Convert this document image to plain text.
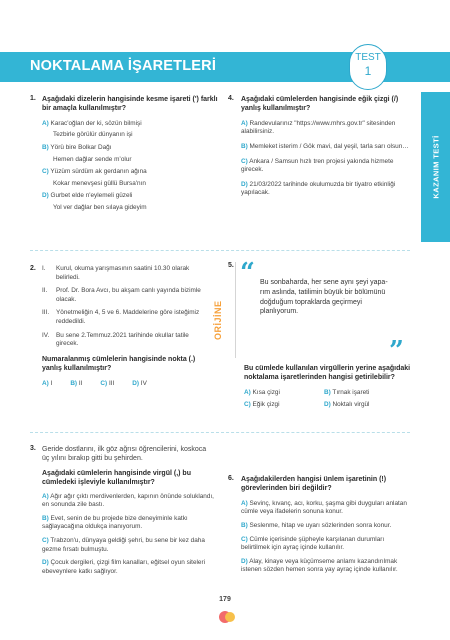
NOKTALAMA İŞARETLERİ
TEST
1
KAZANIM TESTİ
1. Aşağıdaki dizelerin hangisinde kesme işareti (') farklı bir amaçla kullanılmıştır?
A) Karac'oğlan der ki, sözün bilmişi
Tezbirle görülür dünyanın işi
B) Yörü bire Bolkar Dağı
Hemen dağlar sende mʼolur
C) Yüzüm sürdüm ak gerdanın ağına
Kokar menevşesi güllü Bursa'nın
D) Gurbet elde n'eylemeli güzeli
Yol ver dağlar ben sılaya gideyim
4. Aşağıdaki cümlelerden hangisinde eğik çizgi (/) yanlış kullanılmıştır?
A) Randevularınız "https://www.mhrs.gov.tr" sitesinden alabilirsiniz.
B) Memleket isterim / Gök mavi, dal yeşil, tarla sarı olsun…
C) Ankara / Samsun hızlı tren projesi yakında hizmete girecek.
D) 21/03/2022 tarihinde okulumuzda bir tiyatro etkinliği yapılacak.
2. I.	Kurul, okuma yarışmasının saatini 10.30 olarak belirledi.
II.	Prof. Dr. Bora Avcı, bu akşam canlı yayında bizimle olacak.
III.	Yönetmeliğin 4, 5 ve 6. Maddelerine göre isteğimiz reddedildi.
IV.	Bu sene 2.Temmuz.2021 tarihinde okullar tatile girecek.
Numaralanmış cümlelerin hangisinde nokta (.) yanlış kullanılmıştır?
A) I	B) II	C) III	D) IV
ORİJİNE
5. “ Bu sonbaharda, her sene aynı şeyi yaparım aslında, tatilimin büyük bir bölümünü doğduğum topraklarda geçirmeyi planlıyorum.
”
Bu cümlede kullanılan virgüllerin yerine aşağıdaki noktalama işaretlerinden hangisi getirilebilir?
A) Kısa çizgi	B) Tırnak işareti
C) Eğik çizgi	D) Noktalı virgül
3. Geride dostlarını, ilk göz ağrısı öğrencilerini, koskoca üç yılını bırakıp gitti bu şehirden.
Aşağıdaki cümlelerin hangisinde virgül (,) bu cümledeki işleviyle kullanılmıştır?
A) Ağır ağır çıktı merdivenlerden, kapının önünde soluklandı, en sonunda zile bastı.
B) Evet, senin de bu projede bize deneyiminle katkı sağlayacağına oldukça inanıyorum.
C) Trabzon'u, dünyaya geldiği şehri, bu sene bir kez daha gezme fırsatı bulmuştu.
D) Çocuk dergileri, çizgi film kanalları, eğitsel oyun siteleri ebeveynlere katkı sağlıyor.
6. Aşağıdakilerden hangisi ünlem işaretinin (!) görevlerinden biri değildir?
A) Sevinç, kıvanç, acı, korku, şaşma gibi duyguları anlatan cümle veya ifadelerin sonuna konur.
B) Seslenme, hitap ve uyarı sözlerinden sonra konur.
C) Cümle içerisinde şüpheyle karşılanan durumları belirtilmek için ayraç içinde kullanılır.
D) Alay, kinaye veya küçümseme anlamı kazandırılmak istenen sözden hemen sonra yay ayraç içinde kullanılır.
179
